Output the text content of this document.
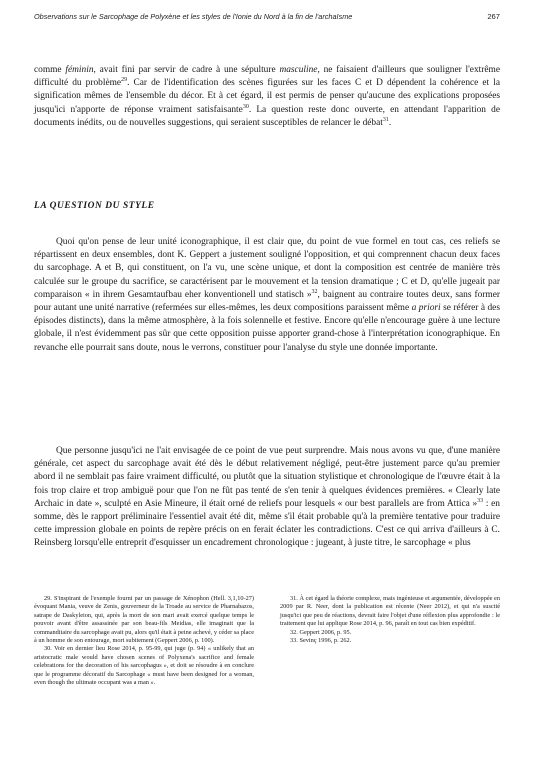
Observations sur le Sarcophage de Polyxène et les styles de l'Ionie du Nord à la fin de l'archaïsme	267

comme féminin, avait fini par servir de cadre à une sépulture masculine, ne faisaient d'ailleurs que souligner l'extrême difficulté du problème$^{29}$. Car de l'identification des scènes figurées sur les faces C et D dépendent la cohérence et la signification mêmes de l'ensemble du décor. Et à cet égard, il est permis de penser qu'aucune des explications proposées jusqu'ici n'apporte de réponse vraiment satisfaisante$^{30}$. La question reste donc ouverte, en attendant l'apparition de documents inédits, ou de nouvelles suggestions, qui seraient susceptibles de relancer le débat$^{31}$.

LA QUESTION DU STYLE

Quoi qu'on pense de leur unité iconographique, il est clair que, du point de vue formel en tout cas, ces reliefs se répartissent en deux ensembles, dont K. Geppert a justement souligné l'opposition, et qui comprennent chacun deux faces du sarcophage. A et B, qui constituent, on l'a vu, une scène unique, et dont la composition est centrée de manière très calculée sur le groupe du sacrifice, se caractérisent par le mouvement et la tension dramatique ; C et D, qu'elle jugeait par comparaison « in ihrem Gesamtaufbau eher konventionell und statisch »$^{32}$, baignent au contraire toutes deux, sans former pour autant une unité narrative (refermées sur elles-mêmes, les deux compositions paraissent même a priori se référer à des épisodes distincts), dans la même atmosphère, à la fois solennelle et festive. Encore qu'elle n'encourage guère à une lecture globale, il n'est évidemment pas sûr que cette opposition puisse apporter grand-chose à l'interprétation iconographique. En revanche elle pourrait sans doute, nous le verrons, constituer pour l'analyse du style une donnée importante.

Que personne jusqu'ici ne l'ait envisagée de ce point de vue peut surprendre. Mais nous avons vu que, d'une manière générale, cet aspect du sarcophage avait été dès le début relativement négligé, peut-être justement parce qu'au premier abord il ne semblait pas faire vraiment difficulté, ou plutôt que la situation stylistique et chronologique de l'œuvre était à la fois trop claire et trop ambiguë pour que l'on ne fût pas tenté de s'en tenir à quelques évidences premières. « Clearly late Archaic in date », sculpté en Asie Mineure, il était orné de reliefs pour lesquels « our best parallels are from Attica »$^{33}$ : en somme, dès le rapport préliminaire l'essentiel avait été dit, même s'il était probable qu'à la première tentative pour traduire cette impression globale en points de repère précis on en ferait éclater les contradictions. C'est ce qui arriva d'ailleurs à C. Reinsberg lorsqu'elle entreprit d'esquisser un encadrement chronologique : jugeant, à juste titre, le sarcophage « plus

29. S'inspirant de l'exemple fourni par un passage de Xénophon (Hell. 3,1,10-27) évoquant Mania, veuve de Zenis, gouverneur de la Troade au service de Pharnabazos, satrape de Daskyleion, qui, après la mort de son mari avait exercé quelque temps le pouvoir avant d'être assassinée par son beau-fils Meidias, elle imaginait que la commanditaire du sarcophage avait pu, alors qu'il était à peine achevé, y céder sa place à un homme de son entourage, mort subitement (Geppert 2006, p. 100).

30. Voir en dernier lieu Rose 2014, p. 95-99, qui juge (p. 94) « unlikely that an aristocratic male would have chosen scenes of Polyxena's sacrifice and female celebrations for the decoration of his sarcophagus », et doit se résoudre à en conclure que le programme décoratif du Sarcophage « must have been designed for a woman, even though the ultimate occupant was a man ».

31. À cet égard la théorie complexe, mais ingénieuse et argumentée, développée en 2009 par R. Neer, dont la publication est récente (Neer 2012), et qui n'a suscité jusqu'ici que peu de réactions, devrait faire l'objet d'une réflexion plus approfondie : le traitement que lui applique Rose 2014, p. 96, paraît en tout cas bien expéditif.

32. Geppert 2006, p. 95.

33. Sevinç 1996, p. 262.
